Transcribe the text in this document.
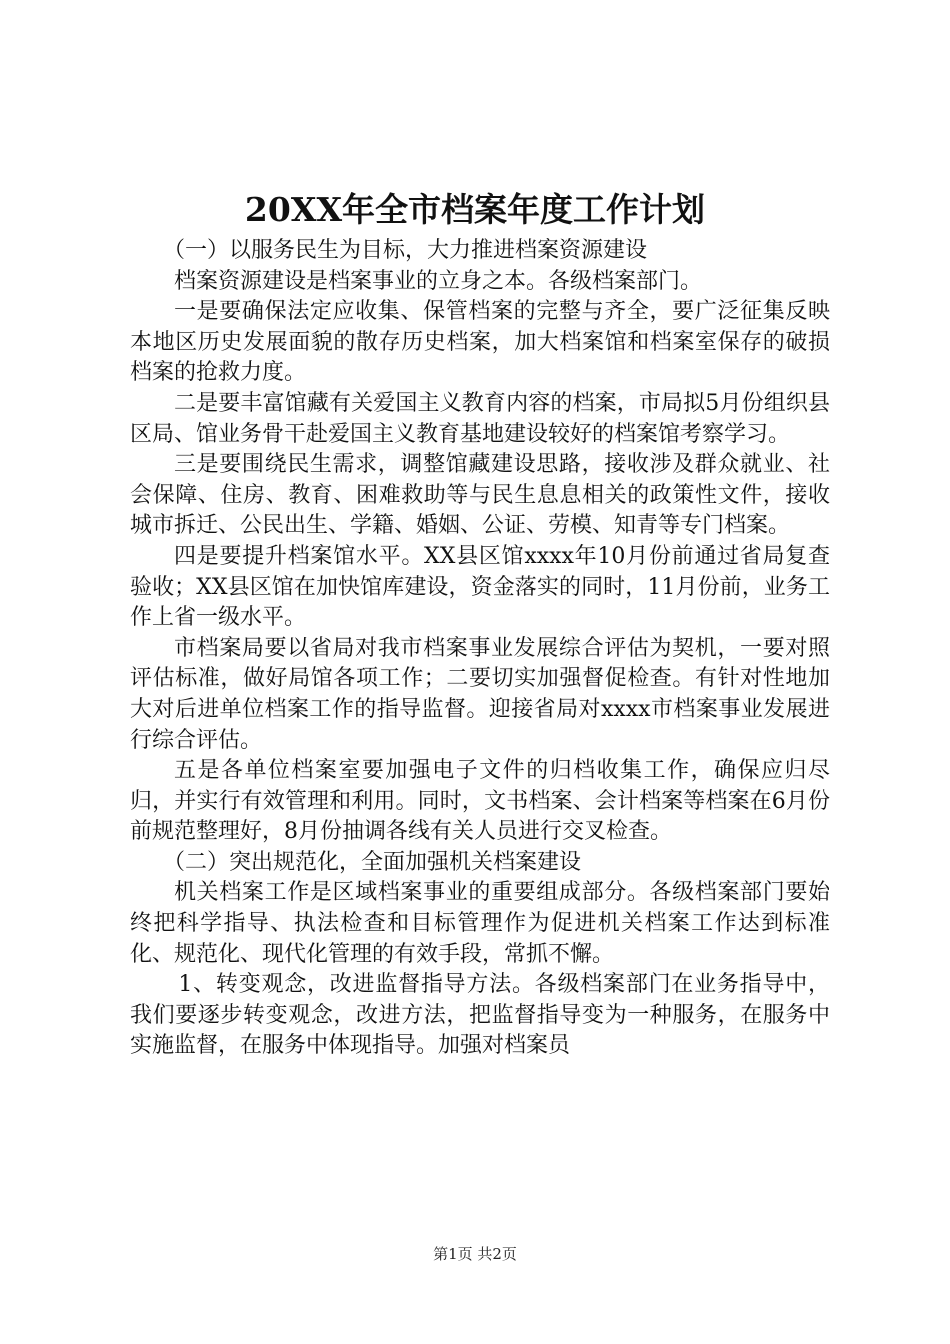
20XX年全市档案年度工作计划

（一）以服务民生为目标，大力推进档案资源建设

档案资源建设是档案事业的立身之本。各级档案部门。

一是要确保法定应收集、保管档案的完整与齐全，要广泛征集反映本地区历史发展面貌的散存历史档案，加大档案馆和档案室保存的破损档案的抢救力度。

二是要丰富馆藏有关爱国主义教育内容的档案，市局拟5月份组织县区局、馆业务骨干赴爱国主义教育基地建设较好的档案馆考察学习。

三是要围绕民生需求，调整馆藏建设思路，接收涉及群众就业、社会保障、住房、教育、困难救助等与民生息息相关的政策性文件，接收城市拆迁、公民出生、学籍、婚姻、公证、劳模、知青等专门档案。

四是要提升档案馆水平。XX县区馆xxxx年10月份前通过省局复查验收；XX县区馆在加快馆库建设，资金落实的同时，11月份前，业务工作上省一级水平。

市档案局要以省局对我市档案事业发展综合评估为契机，一要对照评估标准，做好局馆各项工作；二要切实加强督促检查。有针对性地加大对后进单位档案工作的指导监督。迎接省局对xxxx市档案事业发展进行综合评估。

五是各单位档案室要加强电子文件的归档收集工作，确保应归尽归，并实行有效管理和利用。同时，文书档案、会计档案等档案在6月份前规范整理好，8月份抽调各线有关人员进行交叉检查。

（二）突出规范化，全面加强机关档案建设

机关档案工作是区域档案事业的重要组成部分。各级档案部门要始终把科学指导、执法检查和目标管理作为促进机关档案工作达到标准化、规范化、现代化管理的有效手段，常抓不懈。

1、转变观念，改进监督指导方法。各级档案部门在业务指导中，我们要逐步转变观念，改进方法，把监督指导变为一种服务，在服务中实施监督，在服务中体现指导。加强对档案员

第1页 共2页
